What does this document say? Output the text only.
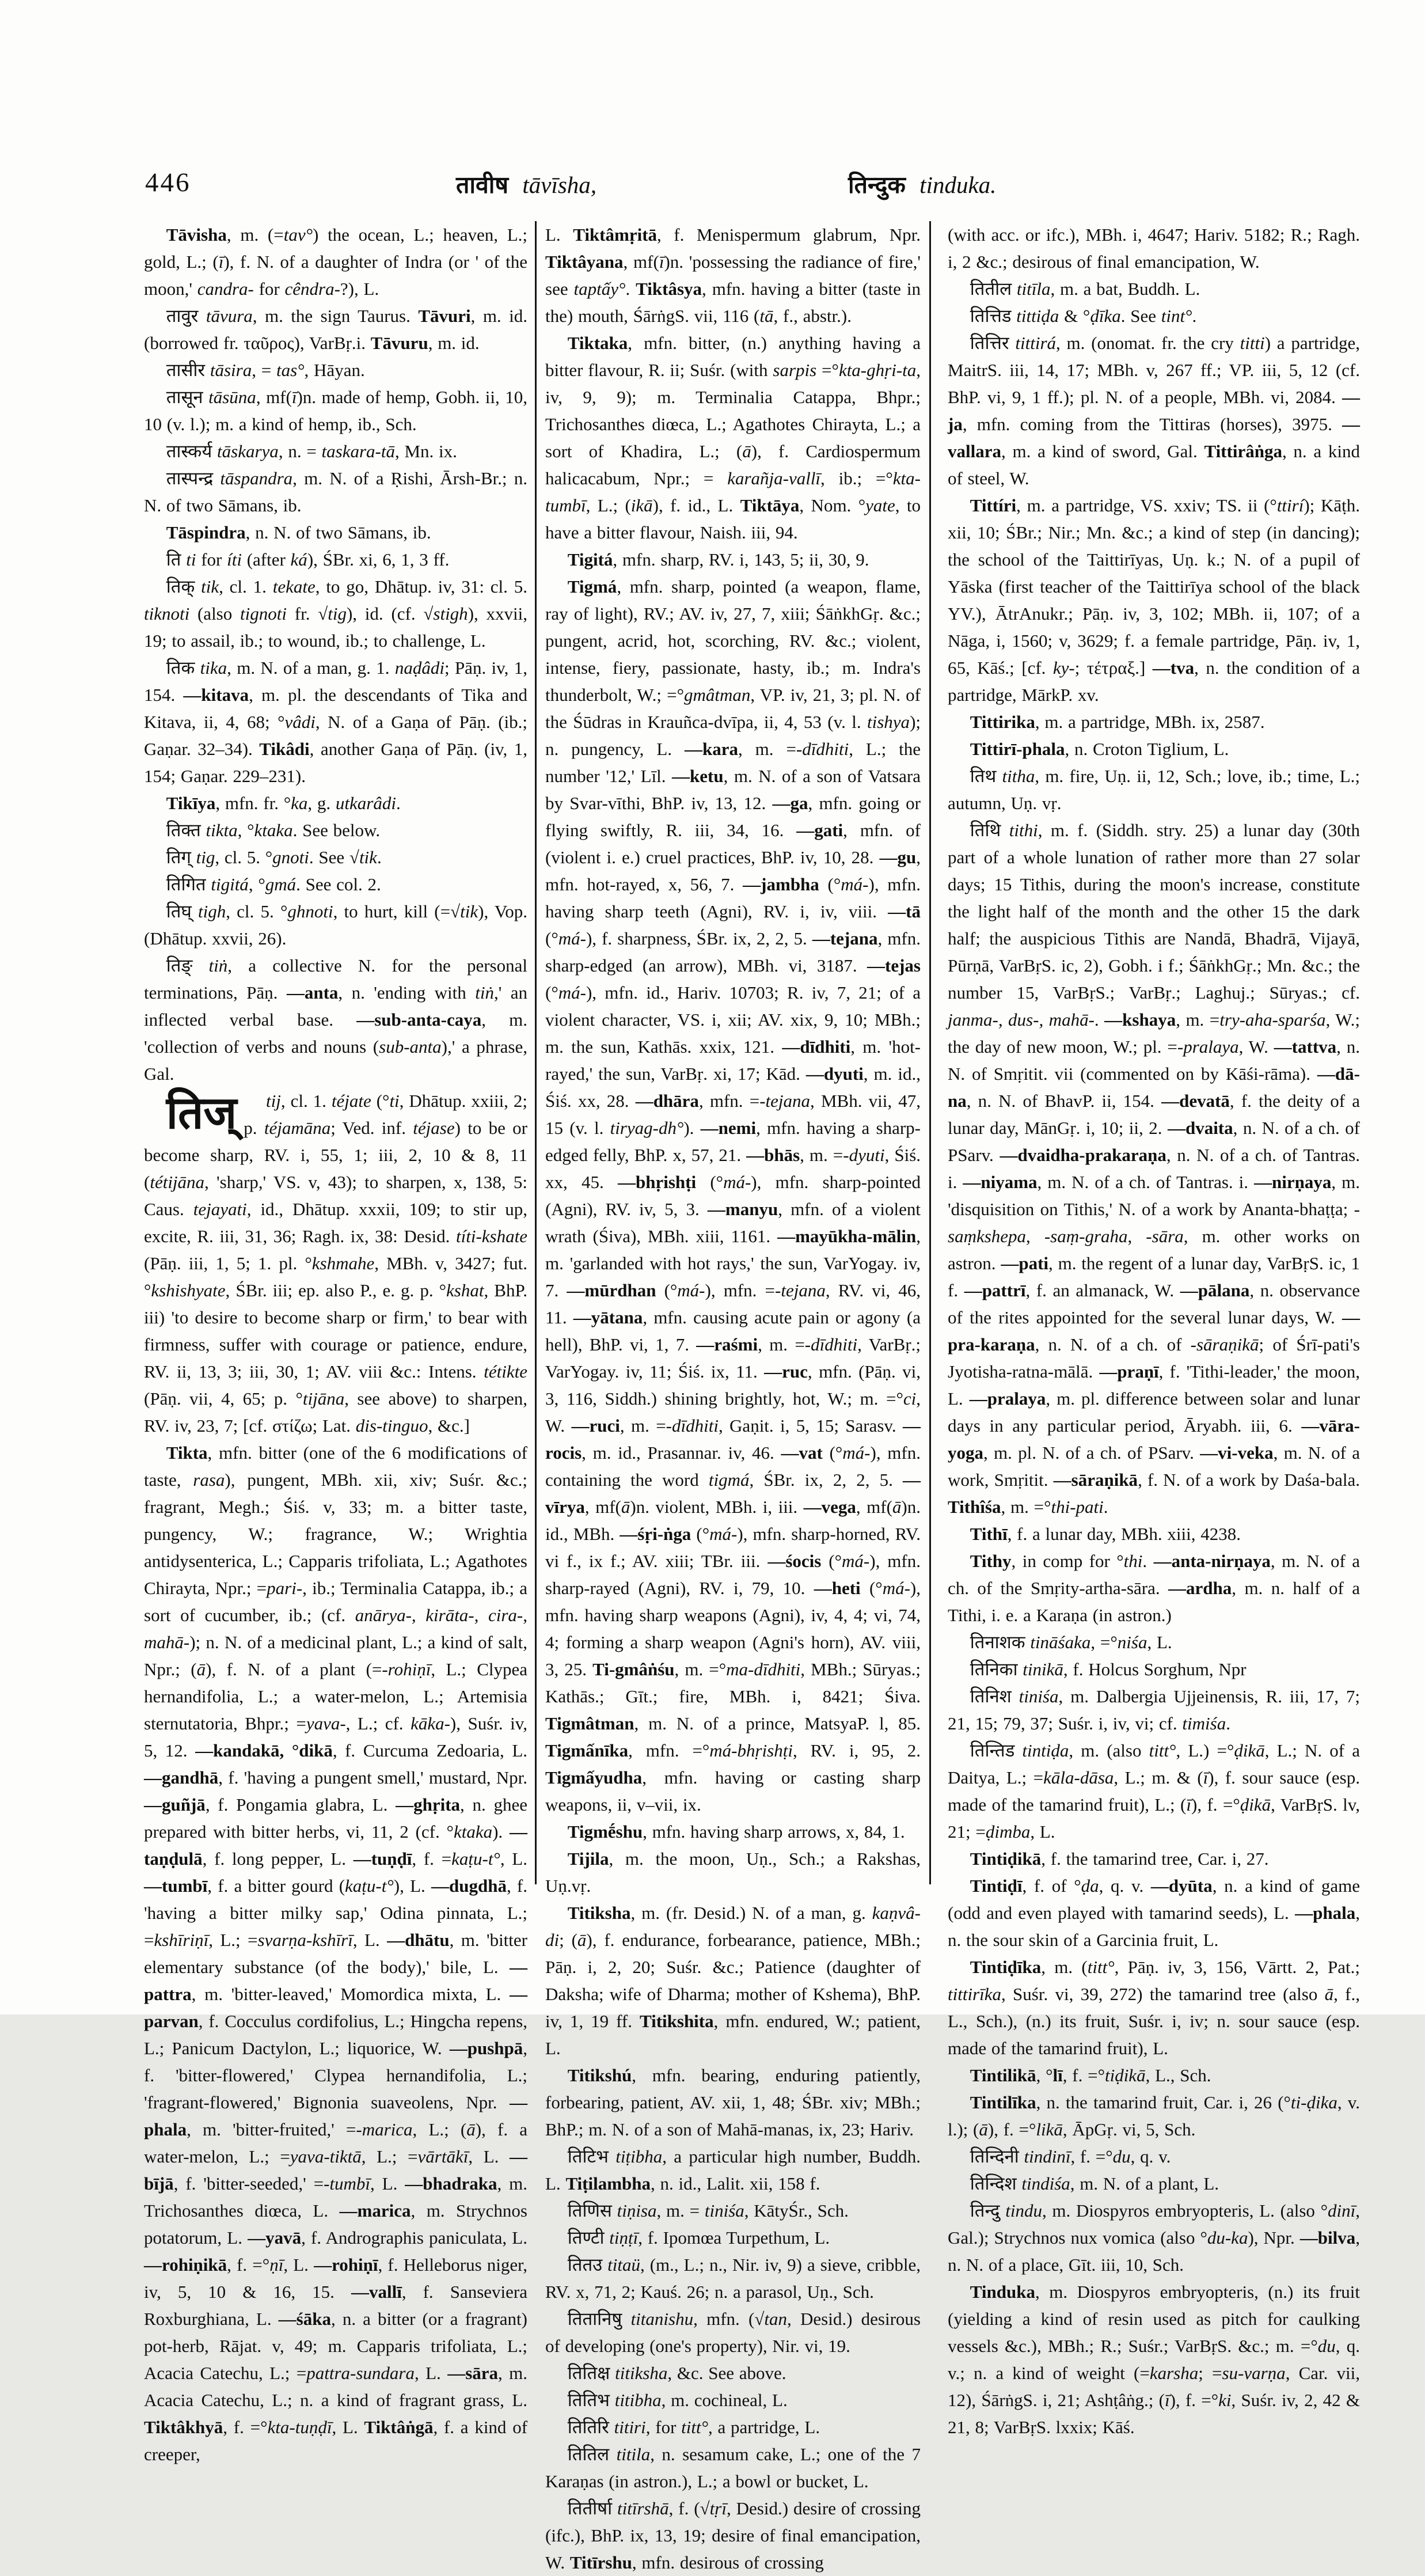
446	तावीष tāvīsha,	तिन्दुक tinduka.

Tāvisha, m. (=tav°) the ocean, L.; heaven, L.; gold, L.; (ī), f. N. of a daughter of Indra (or ' of the moon,' candra- for cêndra-?), L.

तावुर tāvura, m. the sign Taurus. Tāvuri, m. id. (borrowed fr. ταῦρος), VarBṛ.i. Tāvuru, m. id.

तासीर tāsira, = tas°, Hāyan.

तासून tāsūna, mf(ī)n. made of hemp, Gobh. ii, 10, 10 (v. l.); m. a kind of hemp, ib., Sch.

तास्कर्य tāskarya, n. = taskara-tā, Mn. ix.

तास्पन्द्र tāspandra, m. N. of a Ṛishi, Ārsh-Br.; n. N. of two Sāmans, ib.

Tāspindra, n. N. of two Sāmans, ib.

ति ti for íti (after ká), ŚBr. xi, 6, 1, 3 ff.

तिक् tik, cl. 1. tekate, to go, Dhātup. iv, 31: cl. 5. tiknoti (also tignoti fr. √tig), id. (cf. √stigh), xxvii, 19; to assail, ib.; to wound, ib.; to challenge, L.

तिक tika, m. N. of a man, g. 1. naḍâdi; Pāṇ. iv, 1, 154. —kitava, m. pl. the descendants of Tika and Kitava, ii, 4, 68; °vâdi, N. of a Gaṇa of Pāṇ. (ib.; Gaṇar. 32–34). Tikâdi, another Gaṇa of Pāṇ. (iv, 1, 154; Gaṇar. 229–231).

Tikīya, mfn. fr. °ka, g. utkarâdi.

तिक्त tikta, °ktaka. See below.

तिग् tig, cl. 5. °gnoti. See √tik.

तिगित tigitá, °gmá. See col. 2.

तिघ् tigh, cl. 5. °ghnoti, to hurt, kill (=√tik), Vop. (Dhātup. xxvii, 26).

तिङ् tiṅ, a collective N. for the personal terminations, Pāṇ. —anta, n. 'ending with tiṅ,' an inflected verbal base. —sub-anta-caya, m. 'collection of verbs and nouns (sub-anta),' a phrase, Gal.

तिज् tij, cl. 1. téjate (°ti, Dhātup. xxiii, 2; p. téjamāna; Ved. inf. téjase) to be or become sharp, RV. i, 55, 1; iii, 2, 10 & 8, 11 (tétijāna, 'sharp,' VS. v, 43); to sharpen, x, 138, 5: Caus. tejayati, id., Dhātup. xxxii, 109; to stir up, excite, R. iii, 31, 36; Ragh. ix, 38: Desid. títi-kshate (Pāṇ. iii, 1, 5; 1. pl. °kshmahe, MBh. v, 3427; fut. °kshishyate, ŚBr. iii; ep. also P., e. g. p. °kshat, BhP. iii) 'to desire to become sharp or firm,' to bear with firmness, suffer with courage or patience, endure, RV. ii, 13, 3; iii, 30, 1; AV. viii &c.: Intens. tétikte (Pāṇ. vii, 4, 65; p. °tijāna, see above) to sharpen, RV. iv, 23, 7; [cf. στίζω; Lat. dis-tinguo, &c.]

Tikta, mfn. bitter (one of the 6 modifications of taste, rasa), pungent, MBh. xii, xiv; Suśr. &c.; fragrant, Megh.; Śiś. v, 33; m. a bitter taste, pungency, W.; fragrance, W.; Wrightia antidysenterica, L.; Capparis trifoliata, L.; Agathotes Chirayta, Npr.; =pari-, ib.; Terminalia Catappa, ib.; a sort of cucumber, ib.; (cf. anārya-, kirāta-, cira-, mahā-); n. N. of a medicinal plant, L.; a kind of salt, Npr.; (ā), f. N. of a plant (=-rohiṇī, L.; Clypea hernandifolia, L.; a water-melon, L.; Artemisia sternutatoria, Bhpr.; =yava-, L.; cf. kāka-), Suśr. iv, 5, 12. —kandakā, °dikā, f. Curcuma Zedoaria, L. —gandhā, f. 'having a pungent smell,' mustard, Npr. —guñjā, f. Pongamia glabra, L. —ghṛita, n. ghee prepared with bitter herbs, vi, 11, 2 (cf. °ktaka). —taṇḍulā, f. long pepper, L. —tuṇḍī, f. =kaṭu-t°, L. —tumbī, f. a bitter gourd (kaṭu-t°), L. —dugdhā, f. 'having a bitter milky sap,' Odina pinnata, L.; =kshīriṇī, L.; =svarṇa-kshīrī, L. —dhātu, m. 'bitter elementary substance (of the body),' bile, L. —pattra, m. 'bitter-leaved,' Momordica mixta, L. —parvan, f. Cocculus cordifolius, L.; Hingcha repens, L.; Panicum Dactylon, L.; liquorice, W. —pushpā, f. 'bitter-flowered,' Clypea hernandifolia, L.; 'fragrant-flowered,' Bignonia suaveolens, Npr. —phala, m. 'bitter-fruited,' =-marica, L.; (ā), f. a water-melon, L.; =yava-tiktā, L.; =vārtākī, L. —bījā, f. 'bitter-seeded,' =-tumbī, L. —bhadraka, m. Trichosanthes diœca, L. —marica, m. Strychnos potatorum, L. —yavā, f. Andrographis paniculata, L. —rohiṇikā, f. =°ṇī, L. —rohiṇī, f. Helleborus niger, iv, 5, 10 & 16, 15. —vallī, f. Sanseviera Roxburghiana, L. —śāka, n. a bitter (or a fragrant) pot-herb, Rājat. v, 49; m. Capparis trifoliata, L.; Acacia Catechu, L.; =pattra-sundara, L. —sāra, m. Acacia Catechu, L.; n. a kind of fragrant grass, L. Tiktâkhyā, f. =°kta-tuṇḍī, L. Tiktâṅgā, f. a kind of creeper,

L. Tiktâmṛitā, f. Menispermum glabrum, Npr. Tiktâyana, mf(ī)n. 'possessing the radiance of fire,' see taptấy°. Tiktâsya, mfn. having a bitter (taste in the) mouth, ŚārṅgS. vii, 116 (tā, f., abstr.).

Tiktaka, mfn. bitter, (n.) anything having a bitter flavour, R. ii; Suśr. (with sarpis =°kta-ghṛi-ta, iv, 9, 9); m. Terminalia Catappa, Bhpr.; Trichosanthes diœca, L.; Agathotes Chirayta, L.; a sort of Khadira, L.; (ā), f. Cardiospermum halicacabum, Npr.; = karañja-vallī, ib.; =°kta-tumbī, L.; (ikā), f. id., L. Tiktāya, Nom. °yate, to have a bitter flavour, Naish. iii, 94.

Tigitá, mfn. sharp, RV. i, 143, 5; ii, 30, 9.

Tigmá, mfn. sharp, pointed (a weapon, flame, ray of light), RV.; AV. iv, 27, 7, xiii; ŚāṅkhGṛ. &c.; pungent, acrid, hot, scorching, RV. &c.; violent, intense, fiery, passionate, hasty, ib.; m. Indra's thunderbolt, W.; =°gmâtman, VP. iv, 21, 3; pl. N. of the Śūdras in Krauñca-dvīpa, ii, 4, 53 (v. l. tishya); n. pungency, L. —kara, m. =-dīdhiti, L.; the number '12,' Līl. —ketu, m. N. of a son of Vatsara by Svar-vīthi, BhP. iv, 13, 12. —ga, mfn. going or flying swiftly, R. iii, 34, 16. —gati, mfn. of (violent i. e.) cruel practices, BhP. iv, 10, 28. —gu, mfn. hot-rayed, x, 56, 7. —jambha (°má-), mfn. having sharp teeth (Agni), RV. i, iv, viii. —tā (°má-), f. sharpness, ŚBr. ix, 2, 2, 5. —tejana, mfn. sharp-edged (an arrow), MBh. vi, 3187. —tejas (°má-), mfn. id., Hariv. 10703; R. iv, 7, 21; of a violent character, VS. i, xii; AV. xix, 9, 10; MBh.; m. the sun, Kathās. xxix, 121. —dīdhiti, m. 'hot-rayed,' the sun, VarBṛ. xi, 17; Kād. —dyuti, m. id., Śiś. xx, 28. —dhāra, mfn. =-tejana, MBh. vii, 47, 15 (v. l. tiryag-dh°). —nemi, mfn. having a sharp-edged felly, BhP. x, 57, 21. —bhās, m. =-dyuti, Śiś. xx, 45. —bhṛishṭi (°má-), mfn. sharp-pointed (Agni), RV. iv, 5, 3. —manyu, mfn. of a violent wrath (Śiva), MBh. xiii, 1161. —mayūkha-mālin, m. 'garlanded with hot rays,' the sun, VarYogay. iv, 7. —mūrdhan (°má-), mfn. =-tejana, RV. vi, 46, 11. —yātana, mfn. causing acute pain or agony (a hell), BhP. vi, 1, 7. —raśmi, m. =-dīdhiti, VarBṛ.; VarYogay. iv, 11; Śiś. ix, 11. —ruc, mfn. (Pāṇ. vi, 3, 116, Siddh.) shining brightly, hot, W.; m. =°ci, W. —ruci, m. =-dīdhiti, Gaṇit. i, 5, 15; Sarasv. —rocis, m. id., Prasannar. iv, 46. —vat (°má-), mfn. containing the word tigmá, ŚBr. ix, 2, 2, 5. —vīrya, mf(ā)n. violent, MBh. i, iii. —vega, mf(ā)n. id., MBh. —śṛi-ṅga (°má-), mfn. sharp-horned, RV. vi f., ix f.; AV. xiii; TBr. iii. —śocis (°má-), mfn. sharp-rayed (Agni), RV. i, 79, 10. —heti (°má-), mfn. having sharp weapons (Agni), iv, 4, 4; vi, 74, 4; forming a sharp weapon (Agni's horn), AV. viii, 3, 25. Ti-gmâṅśu, m. =°ma-dīdhiti, MBh.; Sūryas.; Kathās.; Gīt.; fire, MBh. i, 8421; Śiva. Tigmâtman, m. N. of a prince, MatsyaP. l, 85. Tigmấnīka, mfn. =°má-bhṛishṭi, RV. i, 95, 2. Tigmấyudha, mfn. having or casting sharp weapons, ii, v–vii, ix.

Tigmḗshu, mfn. having sharp arrows, x, 84, 1.

Tijila, m. the moon, Uṇ., Sch.; a Rakshas, Uṇ.vṛ.

Titiksha, m. (fr. Desid.) N. of a man, g. kaṇvâ-di; (ā), f. endurance, forbearance, patience, MBh.; Pāṇ. i, 2, 20; Suśr. &c.; Patience (daughter of Daksha; wife of Dharma; mother of Kshema), BhP. iv, 1, 19 ff. Titikshita, mfn. endured, W.; patient, L.

Titikshú, mfn. bearing, enduring patiently, forbearing, patient, AV. xii, 1, 48; ŚBr. xiv; MBh.; BhP.; m. N. of a son of Mahā-manas, ix, 23; Hariv.

तिटिभ tiṭibha, a particular high number, Buddh. L. Tiṭilambha, n. id., Lalit. xii, 158 f.

तिणिस tiṇisa, m. = tiniśa, KātyŚr., Sch.

तिण्टी tiṇṭī, f. Ipomœa Turpethum, L.

तितउ titaü, (m., L.; n., Nir. iv, 9) a sieve, cribble, RV. x, 71, 2; Kauś. 26; n. a parasol, Uṇ., Sch.

तितानिषु titanishu, mfn. (√tan, Desid.) desirous of developing (one's property), Nir. vi, 19.

तितिक्ष titiksha, &c. See above.

तितिभ titibha, m. cochineal, L.

तितिरि titiri, for titt°, a partridge, L.

तितिल titila, n. sesamum cake, L.; one of the 7 Karaṇas (in astron.), L.; a bowl or bucket, L.

तितीर्षा titīrshā, f. (√tṛī, Desid.) desire of crossing (ifc.), BhP. ix, 13, 19; desire of final emancipation, W. Titīrshu, mfn. desirous of crossing

(with acc. or ifc.), MBh. i, 4647; Hariv. 5182; R.; Ragh. i, 2 &c.; desirous of final emancipation, W.

तितील titīla, m. a bat, Buddh. L.

तित्तिड tittiḍa & °ḍīka. See tint°.

तित्तिर tittirá, m. (onomat. fr. the cry titti) a partridge, MaitrS. iii, 14, 17; MBh. v, 267 ff.; VP. iii, 5, 12 (cf. BhP. vi, 9, 1 ff.); pl. N. of a people, MBh. vi, 2084. —ja, mfn. coming from the Tittiras (horses), 3975. —vallara, m. a kind of sword, Gal. Tittirâṅga, n. a kind of steel, W.

Tittíri, m. a partridge, VS. xxiv; TS. ii (°ttirí); Kāṭh. xii, 10; ŚBr.; Nir.; Mn. &c.; a kind of step (in dancing); the school of the Taittirīyas, Uṇ. k.; N. of a pupil of Yāska (first teacher of the Taittirīya school of the black YV.), ĀtrAnukr.; Pāṇ. iv, 3, 102; MBh. ii, 107; of a Nāga, i, 1560; v, 3629; f. a female partridge, Pāṇ. iv, 1, 65, Kāś.; [cf. ky-; τέτραξ.] —tva, n. the condition of a partridge, MārkP. xv.

Tittirika, m. a partridge, MBh. ix, 2587.

Tittirī-phala, n. Croton Tiglium, L.

तिथ titha, m. fire, Uṇ. ii, 12, Sch.; love, ib.; time, L.; autumn, Uṇ. vṛ.

तिथि tithi, m. f. (Siddh. stry. 25) a lunar day (30th part of a whole lunation of rather more than 27 solar days; 15 Tithis, during the moon's increase, constitute the light half of the month and the other 15 the dark half; the auspicious Tithis are Nandā, Bhadrā, Vijayā, Pūrṇā, VarBṛS. ic, 2), Gobh. i f.; ŚāṅkhGṛ.; Mn. &c.; the number 15, VarBṛS.; VarBṛ.; Laghuj.; Sūryas.; cf. janma-, dus-, mahā-. —kshaya, m. =try-aha-sparśa, W.; the day of new moon, W.; pl. =-pralaya, W. —tattva, n. N. of Smṛitit. vii (commented on by Kāśi-rāma). —dā-na, n. N. of BhavP. ii, 154. —devatā, f. the deity of a lunar day, MānGṛ. i, 10; ii, 2. —dvaita, n. N. of a ch. of PSarv. —dvaidha-prakaraṇa, n. N. of a ch. of Tantras. i. —niyama, m. N. of a ch. of Tantras. i. —nirṇaya, m. 'disquisition on Tithis,' N. of a work by Ananta-bhaṭṭa; -saṃkshepa, -saṃ-graha, -sāra, m. other works on astron. —pati, m. the regent of a lunar day, VarBṛS. ic, 1 f. —pattrī, f. an almanack, W. —pālana, n. observance of the rites appointed for the several lunar days, W. —pra-karaṇa, n. N. of a ch. of -sāraṇikā; of Śrī-pati's Jyotisha-ratna-mālā. —praṇī, f. 'Tithi-leader,' the moon, L. —pralaya, m. pl. difference between solar and lunar days in any particular period, Āryabh. iii, 6. —vāra-yoga, m. pl. N. of a ch. of PSarv. —vi-veka, m. N. of a work, Smṛitit. —sāraṇikā, f. N. of a work by Daśa-bala. Tithîśa, m. =°thi-pati.

Tithī, f. a lunar day, MBh. xiii, 4238.

Tithy, in comp for °thi. —anta-nirṇaya, m. N. of a ch. of the Smṛity-artha-sāra. —ardha, m. n. half of a Tithi, i. e. a Karaṇa (in astron.)

तिनाशक tināśaka, =°niśa, L.

तिनिका tinikā, f. Holcus Sorghum, Npr

तिनिश tiniśa, m. Dalbergia Ujjeinensis, R. iii, 17, 7; 21, 15; 79, 37; Suśr. i, iv, vi; cf. timiśa.

तिन्तिड tintiḍa, m. (also titt°, L.) =°ḍikā, L.; N. of a Daitya, L.; =kāla-dāsa, L.; m. & (ī), f. sour sauce (esp. made of the tamarind fruit), L.; (ī), f. =°ḍikā, VarBṛS. lv, 21; =ḍimba, L.

Tintiḍikā, f. the tamarind tree, Car. i, 27.

Tintiḍī, f. of °ḍa, q. v. —dyūta, n. a kind of game (odd and even played with tamarind seeds), L. —phala, n. the sour skin of a Garcinia fruit, L.

Tintiḍīka, m. (titt°, Pāṇ. iv, 3, 156, Vārtt. 2, Pat.; tittirīka, Suśr. vi, 39, 272) the tamarind tree (also ā, f., L., Sch.), (n.) its fruit, Suśr. i, iv; n. sour sauce (esp. made of the tamarind fruit), L.

Tintilikā, °lī, f. =°tiḍikā, L., Sch.

Tintilīka, n. the tamarind fruit, Car. i, 26 (°ti-ḍika, v. l.); (ā), f. =°likā, ĀpGṛ. vi, 5, Sch.

तिन्दिनी tindinī, f. =°du, q. v.

तिन्दिश tindiśa, m. N. of a plant, L.

तिन्दु tindu, m. Diospyros embryopteris, L. (also °dinī, Gal.); Strychnos nux vomica (also °du-ka), Npr. —bilva, n. N. of a place, Gīt. iii, 10, Sch.

Tinduka, m. Diospyros embryopteris, (n.) its fruit (yielding a kind of resin used as pitch for caulking vessels &c.), MBh.; R.; Suśr.; VarBṛS. &c.; m. =°du, q. v.; n. a kind of weight (=karsha; =su-varṇa, Car. vii, 12), ŚārṅgS. i, 21; Ashṭâṅg.; (ī), f. =°ki, Suśr. iv, 2, 42 & 21, 8; VarBṛS. lxxix; Kāś.
